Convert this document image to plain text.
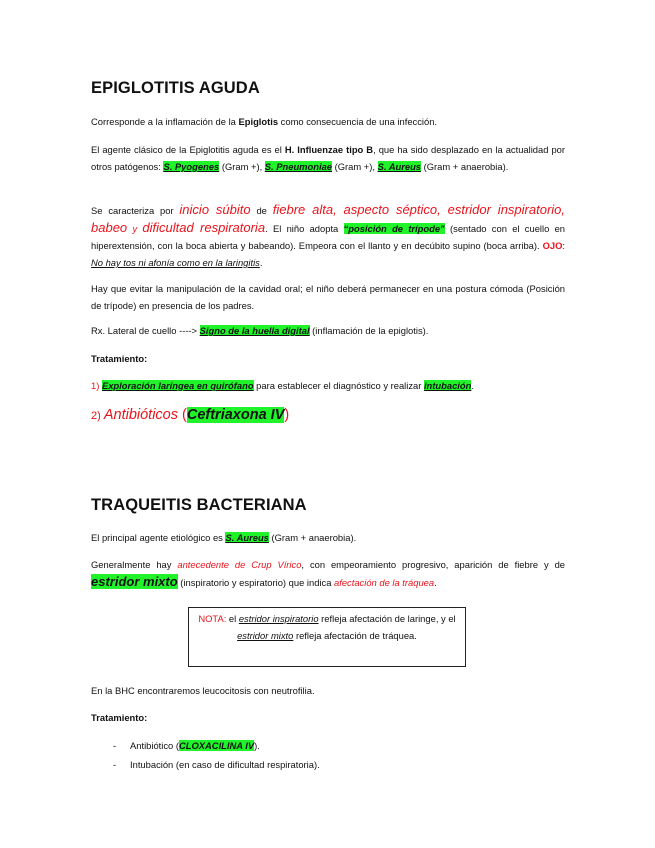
EPIGLOTITIS AGUDA
Corresponde a la inflamación de la Epiglotis como consecuencia de una infección.
El agente clásico de la Epiglotitis aguda es el H. Influenzae tipo B, que ha sido desplazado en la actualidad por otros patógenos: S. Pyogenes (Gram +), S. Pneumoniae (Gram +), S. Aureus (Gram + anaerobia).
Se caracteriza por inicio súbito de fiebre alta, aspecto séptico, estridor inspiratorio, babeo y dificultad respiratoria. El niño adopta “posición de trípode” (sentado con el cuello en hiperextensión, con la boca abierta y babeando). Empeora con el llanto y en decúbito supino (boca arriba). OJO: No hay tos ni afonía como en la laringitis.
Hay que evitar la manipulación de la cavidad oral; el niño deberá permanecer en una postura cómoda (Posición de trípode) en presencia de los padres.
Rx. Lateral de cuello ----> Signo de la huella digital (inflamación de la epiglotis).
Tratamiento:
1) Exploración laríngea en quirófano para establecer el diagnóstico y realizar intubación.
2) Antibióticos (Ceftriaxona IV)
TRAQUEITIS BACTERIANA
El principal agente etiológico es S. Aureus (Gram + anaerobia).
Generalmente hay antecedente de Crup Vírico, con empeoramiento progresivo, aparición de fiebre y de estridor mixto (inspiratorio y espiratorio) que indica afectación de la tráquea.
NOTA: el estridor inspiratorio refleja afectación de laringe, y el estridor mixto refleja afectación de tráquea.
En la BHC encontraremos leucocitosis con neutrofilia.
Tratamiento:
- Antibiótico (CLOXACILINA IV).
- Intubación (en caso de dificultad respiratoria).
